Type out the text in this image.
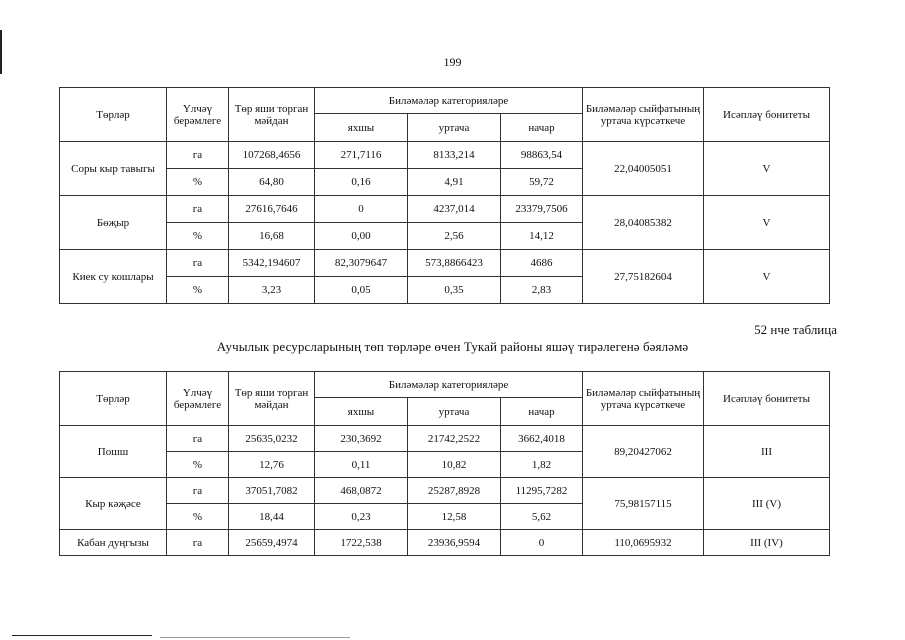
199
Төрләр	Үлчәү берәмлеге	Төр яши торган мәйдан	Биләмәләр категорияләре			Биләмәләр сыйфатының уртача күрсәткече	Исәпләү бонитеты
			яхшы	уртача	начар		
Соры кыр тавыгы	га	107268,4656	271,7116	8133,214	98863,54	22,04005051	V
	%	64,80	0,16	4,91	59,72		
Бөҗыр	га	27616,7646	0	4237,014	23379,7506	28,04085382	V
	%	16,68	0,00	2,56	14,12		
Киек су кошлары	га	5342,194607	82,3079647	573,8866423	4686	27,75182604	V
	%	3,23	0,05	0,35	2,83		
52 нче таблица
Аучылык ресурсларының төп төрләре өчен Тукай районы яшәү тирәлегенә бәяләмә
Төрләр	Үлчәү берәмлеге	Төр яши торган мәйдан	Биләмәләр категорияләре			Биләмәләр сыйфатының уртача күрсәткече	Исәпләү бонитеты
			яхшы	уртача	начар		
Пошш	га	25635,0232	230,3692	21742,2522	3662,4018	89,20427062	III
	%	12,76	0,11	10,82	1,82		
Кыр кәҗәсе	га	37051,7082	468,0872	25287,8928	11295,7282	75,98157115	III (V)
	%	18,44	0,23	12,58	5,62		
Кабан дуңгызы	га	25659,4974	1722,538	23936,9594	0	110,0695932	III (IV)
